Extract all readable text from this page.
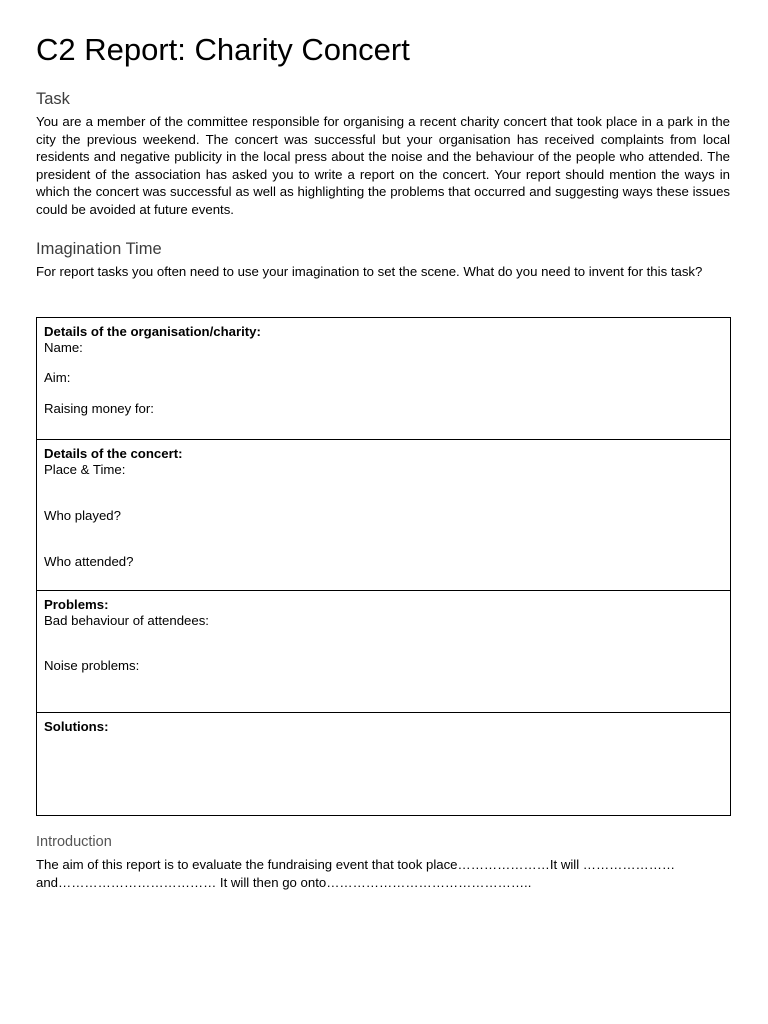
C2 Report: Charity Concert
Task

You are a member of the committee responsible for organising a recent charity concert that took place in a park in the city the previous weekend. The concert was successful but your organisation has received complaints from local residents and negative publicity in the local press about the noise and the behaviour of the people who attended. The president of the association has asked you to write a report on the concert. Your report should mention the ways in which the concert was successful as well as highlighting the problems that occurred and suggesting ways these issues could be avoided at future events.

Imagination Time

For report tasks you often need to use your imagination to set the scene. What do you need to invent for this task?

Details of the organisation/charity:
Name:
Aim:
Raising money for:
Details of the concert:
Place & Time:
Who played?
Who attended?
Problems:
Bad behaviour of attendees:
Noise problems:
Solutions:
Introduction

The aim of this report is to evaluate the fundraising event that took place…………………It will ………………… and……………………………… It will then go onto………………………………………..
